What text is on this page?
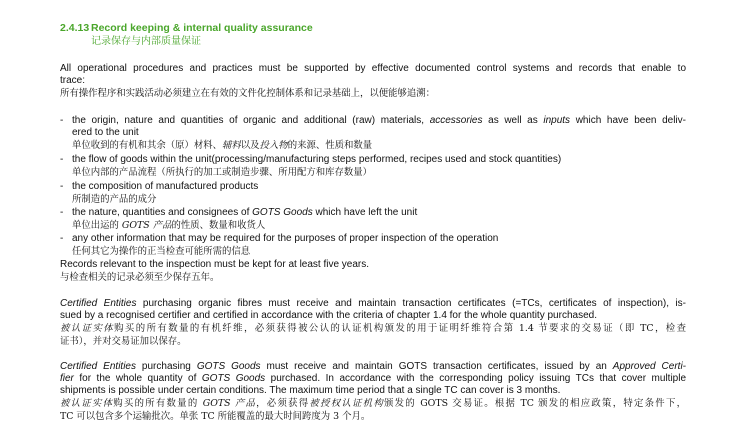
2.4.13 Record keeping & internal quality assurance
记录保存与内部质量保证
All operational procedures and practices must be supported by effective documented control systems and records that enable to
trace:
所有操作程序和实践活动必须建立在有效的文件化控制体系和记录基础上，以便能够追溯：
- the origin, nature and quantities of organic and additional (raw) materials, accessories as well as inputs which have been deliv-
ered to the unit
单位收到的有机和其余（原）材料、辅料以及投入物的来源、性质和数量
- the flow of goods within the unit(processing/manufacturing steps performed, recipes used and stock quantities)
单位内部的产品流程（所执行的加工或制造步骤、所用配方和库存数量）
- the composition of manufactured products
所制造的产品的成分
- the nature, quantities and consignees of GOTS Goods which have left the unit
单位出运的 GOTS 产品的性质、数量和收货人
- any other information that may be required for the purposes of proper inspection of the operation
任何其它为操作的正当检查可能所需的信息
Records relevant to the inspection must be kept for at least five years.
与检查相关的记录必须至少保存五年。
Certified Entities purchasing organic fibres must receive and maintain transaction certificates (=TCs, certificates of inspection), is-
sued by a recognised certifier and certified in accordance with the criteria of chapter 1.4 for the whole quantity purchased.
被认证实体购买的所有数量的有机纤维，必须获得被公认的认证机构颁发的用于证明纤维符合第 1.4 节要求的交易证（即 TC，检查
证书），并对交易证加以保存。
Certified Entities purchasing GOTS Goods must receive and maintain GOTS transaction certificates, issued by an Approved Certi-
fier for the whole quantity of GOTS Goods purchased. In accordance with the corresponding policy issuing TCs that cover multiple
shipments is possible under certain conditions. The maximum time period that a single TC can cover is 3 months.
被认证实体购买的所有数量的 GOTS 产品，必须获得被授权认证机构颁发的 GOTS 交易证。根据 TC 颁发的相应政策，特定条件下，
TC 可以包含多个运输批次。单张 TC 所能覆盖的最大时间跨度为 3 个月。
